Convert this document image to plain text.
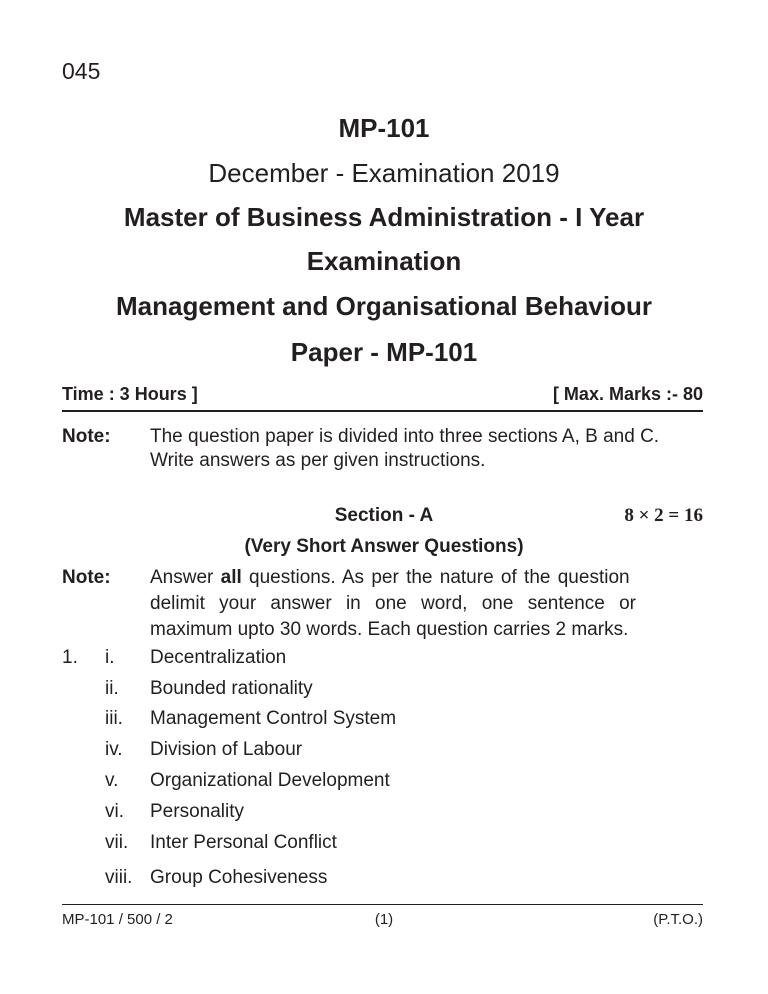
045
MP-101
December - Examination 2019
Master of Business Administration - I Year
Examination
Management and Organisational Behaviour
Paper - MP-101
Time : 3 Hours ]	[ Max. Marks :- 80
Note: The question paper is divided into three sections A, B and C.
Write answers as per given instructions.
Section - A	8 × 2 = 16
(Very Short Answer Questions)
Note: Answer all questions. As per the nature of the question
delimit your answer in one word, one sentence or
maximum upto 30 words. Each question carries 2 marks.
1. i. Decentralization
ii. Bounded rationality
iii. Management Control System
iv. Division of Labour
v. Organizational Development
vi. Personality
vii. Inter Personal Conflict
viii. Group Cohesiveness
MP-101 / 500 / 2	(1)	(P.T.O.)
